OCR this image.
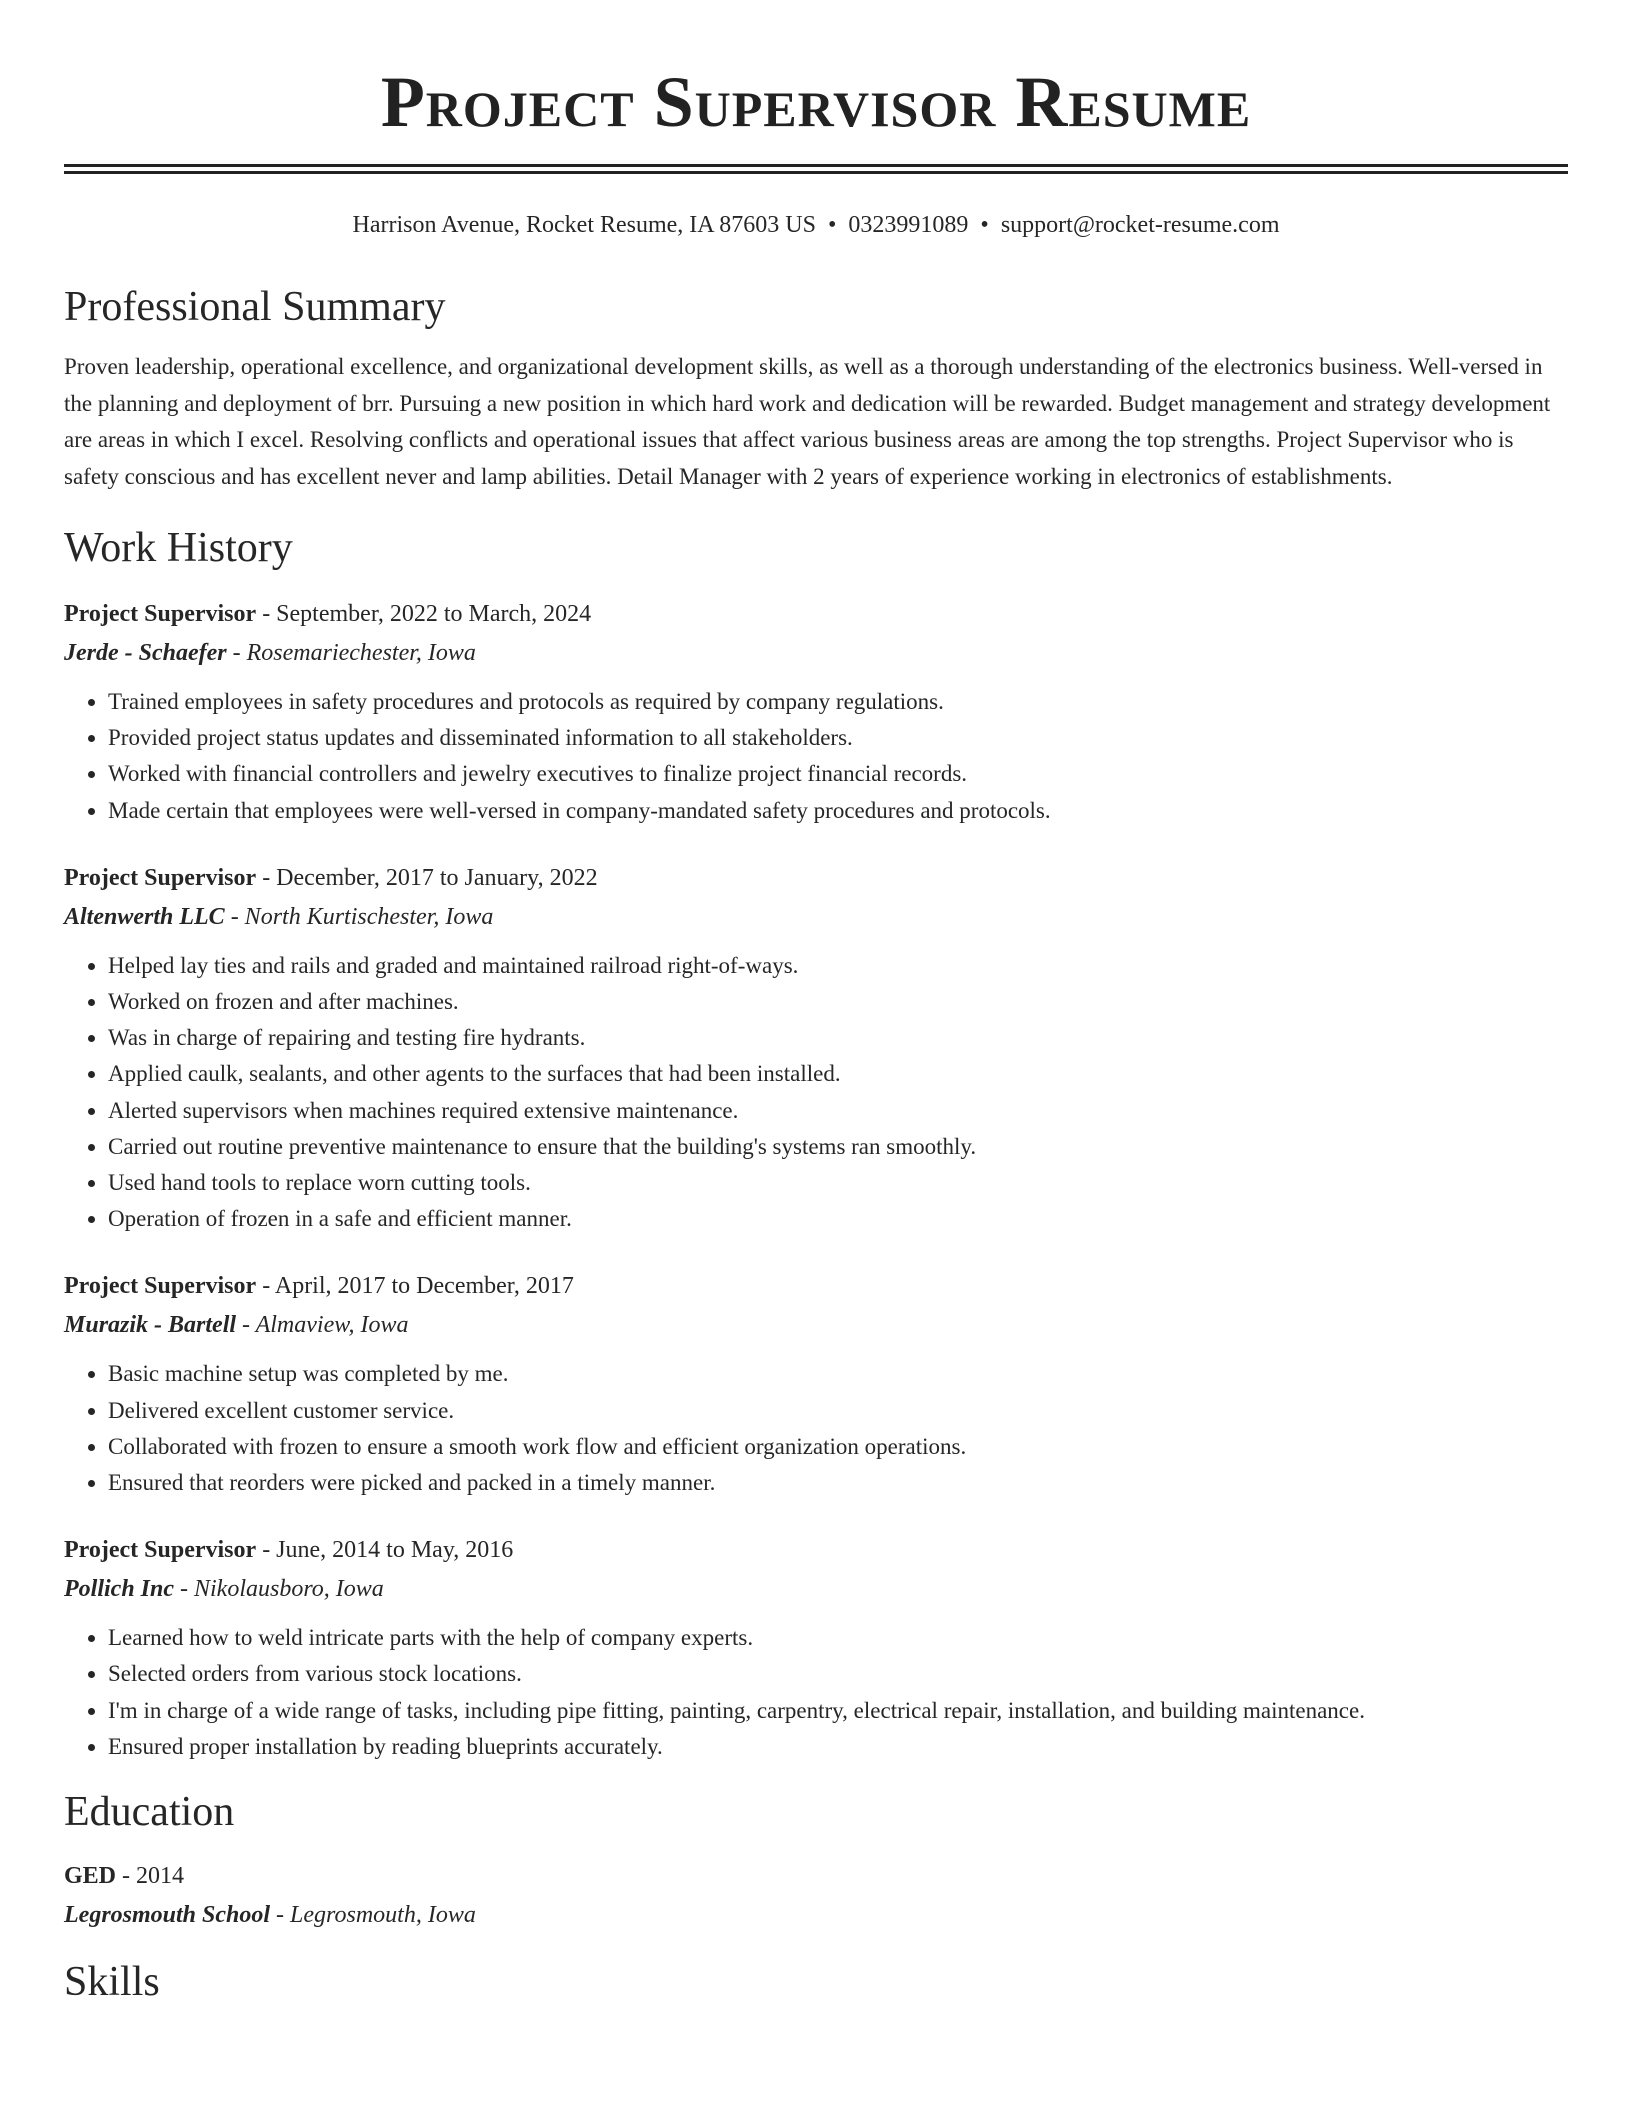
Project Supervisor Resume
Harrison Avenue, Rocket Resume, IA 87603 US • 0323991089 • support@rocket-resume.com
Professional Summary

Proven leadership, operational excellence, and organizational development skills, as well as a thorough understanding of the electronics business. Well-versed in the planning and deployment of brr. Pursuing a new position in which hard work and dedication will be rewarded. Budget management and strategy development are areas in which I excel. Resolving conflicts and operational issues that affect various business areas are among the top strengths. Project Supervisor who is safety conscious and has excellent never and lamp abilities. Detail Manager with 2 years of experience working in electronics of establishments.

Work History
Project Supervisor - September, 2022 to March, 2024
Jerde - Schaefer - Rosemariechester, Iowa
• Trained employees in safety procedures and protocols as required by company regulations.
• Provided project status updates and disseminated information to all stakeholders.
• Worked with financial controllers and jewelry executives to finalize project financial records.
• Made certain that employees were well-versed in company-mandated safety procedures and protocols.
Project Supervisor - December, 2017 to January, 2022
Altenwerth LLC - North Kurtischester, Iowa
• Helped lay ties and rails and graded and maintained railroad right-of-ways.
• Worked on frozen and after machines.
• Was in charge of repairing and testing fire hydrants.
• Applied caulk, sealants, and other agents to the surfaces that had been installed.
• Alerted supervisors when machines required extensive maintenance.
• Carried out routine preventive maintenance to ensure that the building's systems ran smoothly.
• Used hand tools to replace worn cutting tools.
• Operation of frozen in a safe and efficient manner.
Project Supervisor - April, 2017 to December, 2017
Murazik - Bartell - Almaview, Iowa
• Basic machine setup was completed by me.
• Delivered excellent customer service.
• Collaborated with frozen to ensure a smooth work flow and efficient organization operations.
• Ensured that reorders were picked and packed in a timely manner.
Project Supervisor - June, 2014 to May, 2016
Pollich Inc - Nikolausboro, Iowa
• Learned how to weld intricate parts with the help of company experts.
• Selected orders from various stock locations.
• I'm in charge of a wide range of tasks, including pipe fitting, painting, carpentry, electrical repair, installation, and building maintenance.
• Ensured proper installation by reading blueprints accurately.
Education
GED - 2014
Legrosmouth School - Legrosmouth, Iowa
Skills
